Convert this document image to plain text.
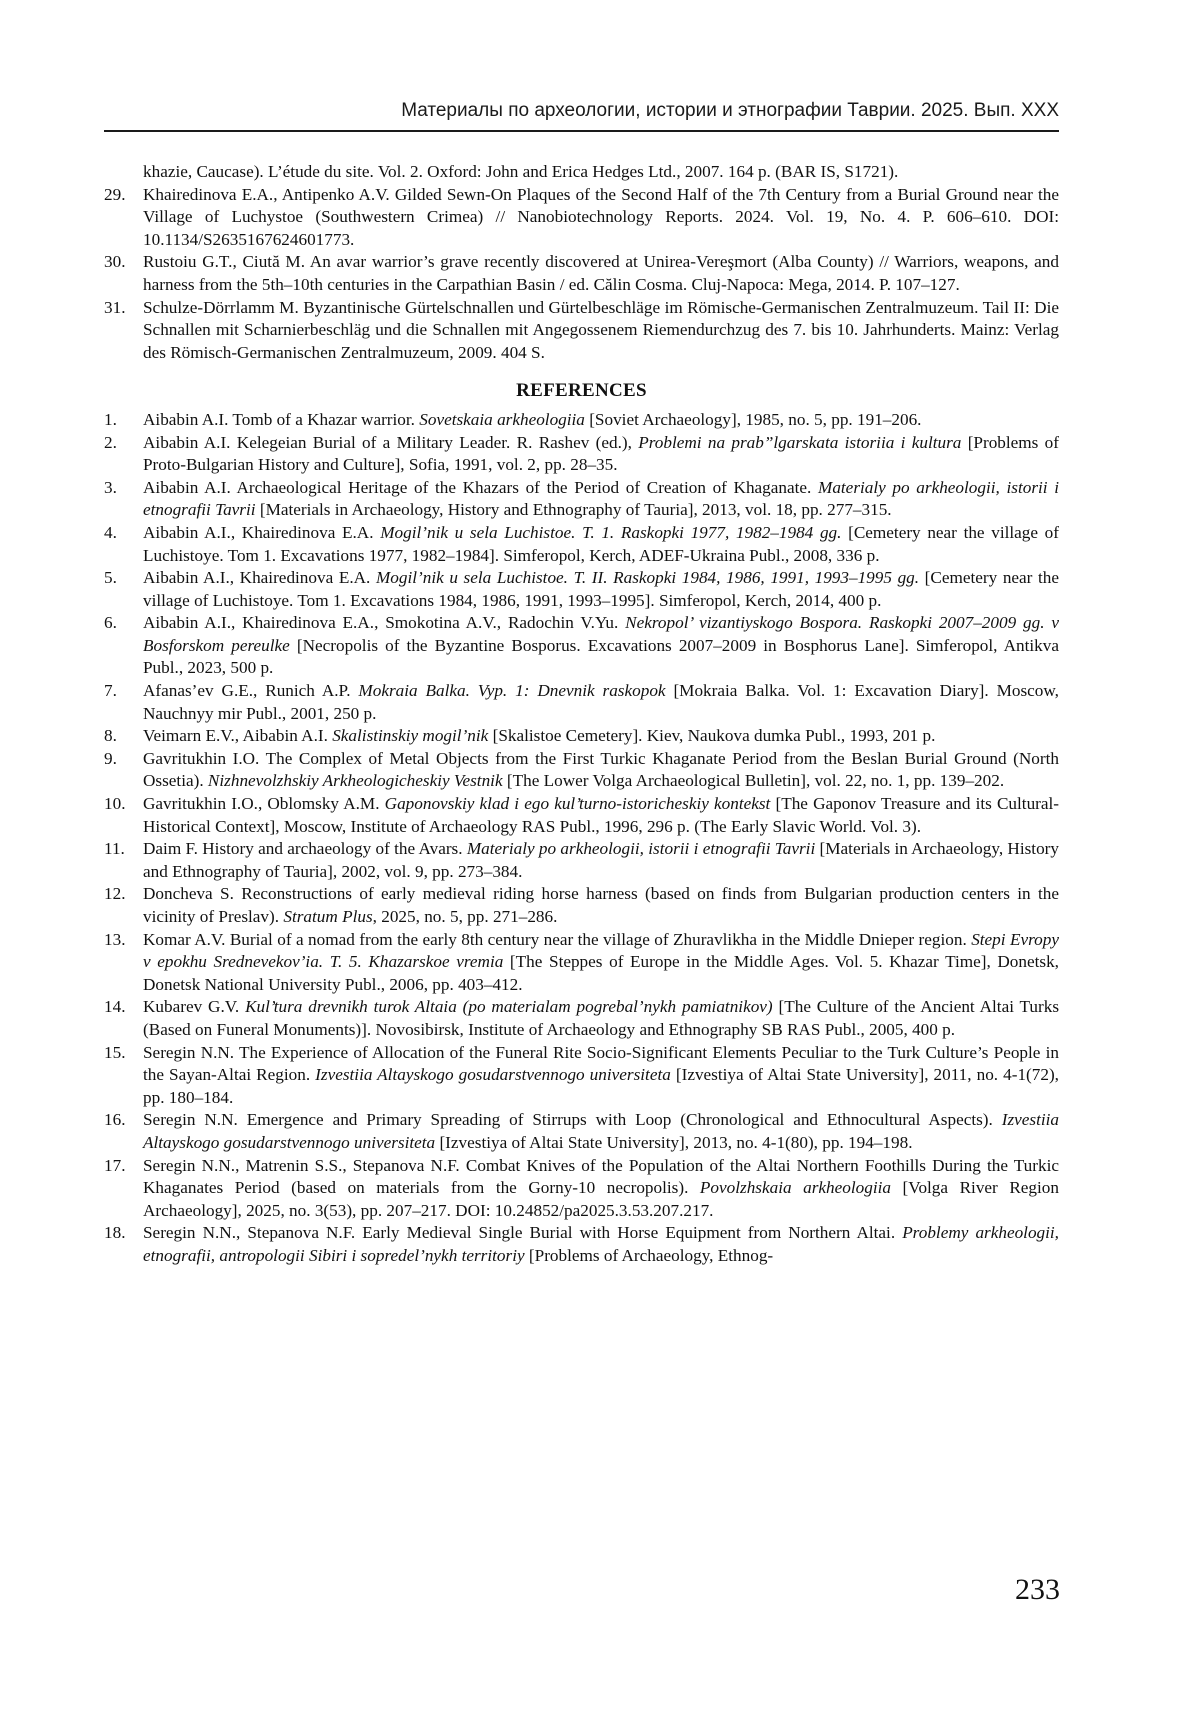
Материалы по археологии, истории и этнографии Таврии. 2025. Вып. XXX
khazie, Caucase). L’étude du site. Vol. 2. Oxford: John and Erica Hedges Ltd., 2007. 164 p. (BAR IS, S1721).
29.	Khairedinova E.A., Antipenko A.V. Gilded Sewn-On Plaques of the Second Half of the 7th Century from a Burial Ground near the Village of Luchystoe (Southwestern Crimea) // Nanobiotechnology Reports. 2024. Vol. 19, No. 4. P. 606–610. DOI: 10.1134/S2635167624601773.
30.	Rustoiu G.T., Ciută M. An avar warrior’s grave recently discovered at Unirea-Vereşmort (Alba County) // Warriors, weapons, and harness from the 5th–10th centuries in the Carpathian Basin / ed. Călin Cosma. Cluj-Napoca: Mega, 2014. P. 107–127.
31.	Schulze-Dörrlamm M. Byzantinische Gürtelschnallen und Gürtelbeschläge im Römische-Germanischen Zentralmuzeum. Tail II: Die Schnallen mit Scharnierbeschläg und die Schnallen mit Angegossenem Riemendurchzug des 7. bis 10. Jahrhunderts. Mainz: Verlag des Römisch-Germanischen Zentralmuzeum, 2009. 404 S.
REFERENCES
1.	Aibabin A.I. Tomb of a Khazar warrior. Sovetskaia arkheologiia [Soviet Archaeology], 1985, no. 5, pp. 191–206.
2.	Aibabin A.I. Kelegeian Burial of a Military Leader. R. Rashev (ed.), Problemi na prab”lgarskata istoriia i kultura [Problems of Proto-Bulgarian History and Culture], Sofia, 1991, vol. 2, pp. 28–35.
3.	Aibabin A.I. Archaeological Heritage of the Khazars of the Period of Creation of Khaganate. Materialy po arkheologii, istorii i etnografii Tavrii [Materials in Archaeology, History and Ethnography of Tauria], 2013, vol. 18, pp. 277–315.
4.	Aibabin A.I., Khairedinova E.A. Mogil’nik u sela Luchistoe. T. 1. Raskopki 1977, 1982–1984 gg. [Cemetery near the village of Luchistoye. Tom 1. Excavations 1977, 1982–1984]. Simferopol, Kerch, ADEF-Ukraina Publ., 2008, 336 p.
5.	Aibabin A.I., Khairedinova E.A. Mogil’nik u sela Luchistoe. T. II. Raskopki 1984, 1986, 1991, 1993–1995 gg. [Cemetery near the village of Luchistoye. Tom 1. Excavations 1984, 1986, 1991, 1993–1995]. Simferopol, Kerch, 2014, 400 p.
6.	Aibabin A.I., Khairedinova E.A., Smokotina A.V., Radochin V.Yu. Nekropol’ vizantiyskogo Bospora. Raskopki 2007–2009 gg. v Bosforskom pereulke [Necropolis of the Byzantine Bosporus. Excavations 2007–2009 in Bosphorus Lane]. Simferopol, Antikva Publ., 2023, 500 p.
7.	Afanas’ev G.E., Runich A.P. Mokraia Balka. Vyp. 1: Dnevnik raskopok [Mokraia Balka. Vol. 1: Excavation Diary]. Moscow, Nauchnyy mir Publ., 2001, 250 p.
8.	Veimarn E.V., Aibabin A.I. Skalistinskiy mogil’nik [Skalistoe Cemetery]. Kiev, Naukova dumka Publ., 1993, 201 p.
9.	Gavritukhin I.O. The Complex of Metal Objects from the First Turkic Khaganate Period from the Beslan Burial Ground (North Ossetia). Nizhnevolzhskiy Arkheologicheskiy Vestnik [The Lower Volga Archaeological Bulletin], vol. 22, no. 1, pp. 139–202.
10.	Gavritukhin I.O., Oblomsky A.M. Gaponovskiy klad i ego kul’turno-istoricheskiy kontekst [The Gaponov Treasure and its Cultural-Historical Context], Moscow, Institute of Archaeology RAS Publ., 1996, 296 p. (The Early Slavic World. Vol. 3).
11.	Daim F. History and archaeology of the Avars. Materialy po arkheologii, istorii i etnografii Tavrii [Materials in Archaeology, History and Ethnography of Tauria], 2002, vol. 9, pp. 273–384.
12.	Doncheva S. Reconstructions of early medieval riding horse harness (based on finds from Bulgarian production centers in the vicinity of Preslav). Stratum Plus, 2025, no. 5, pp. 271–286.
13.	Komar A.V. Burial of a nomad from the early 8th century near the village of Zhuravlikha in the Middle Dnieper region. Stepi Evropy v epokhu Srednevekov’ia. T. 5. Khazarskoe vremia [The Steppes of Europe in the Middle Ages. Vol. 5. Khazar Time], Donetsk, Donetsk National University Publ., 2006, pp. 403–412.
14.	Kubarev G.V. Kul’tura drevnikh turok Altaia (po materialam pogrebal’nykh pamiatnikov) [The Culture of the Ancient Altai Turks (Based on Funeral Monuments)]. Novosibirsk, Institute of Archaeology and Ethnography SB RAS Publ., 2005, 400 p.
15.	Seregin N.N. The Experience of Allocation of the Funeral Rite Socio-Significant Elements Peculiar to the Turk Culture’s People in the Sayan-Altai Region. Izvestiia Altayskogo gosudarstvennogo universiteta [Izvestiya of Altai State University], 2011, no. 4-1(72), pp. 180–184.
16.	Seregin N.N. Emergence and Primary Spreading of Stirrups with Loop (Chronological and Ethnocultural Aspects). Izvestiia Altayskogo gosudarstvennogo universiteta [Izvestiya of Altai State University], 2013, no. 4-1(80), pp. 194–198.
17.	Seregin N.N., Matrenin S.S., Stepanova N.F. Combat Knives of the Population of the Altai Northern Foothills During the Turkic Khaganates Period (based on materials from the Gorny-10 necropolis). Povolzhskaia arkheologiia [Volga River Region Archaeology], 2025, no. 3(53), pp. 207–217. DOI: 10.24852/pa2025.3.53.207.217.
18.	Seregin N.N., Stepanova N.F. Early Medieval Single Burial with Horse Equipment from Northern Altai. Problemy arkheologii, etnografii, antropologii Sibiri i sopredel’nykh territoriy [Problems of Archaeology, Ethnog-
233
